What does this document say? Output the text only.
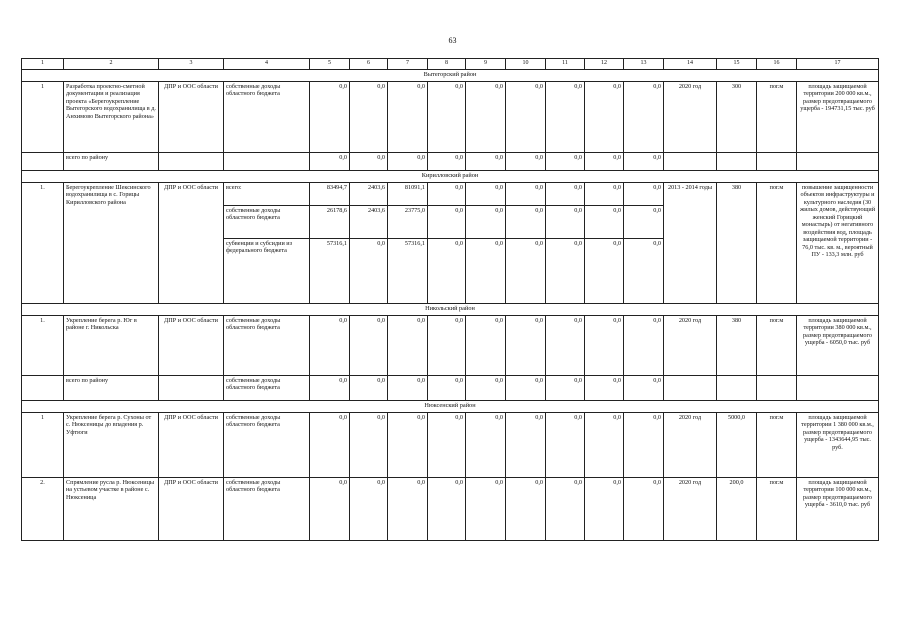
63
1	2	3	4	5	6	7	8	9	10	11	12	13	14	15	16	17
Вытегорский район																
1	Разработка проектно-сметной документации и реализация проекта «Берегоукрепление Вытегорского водохранилища в д. Анхимово Вытегорского района»	ДПР и ООС области	собственные доходы областного бюджета	0,0	0,0	0,0	0,0	0,0	0,0	0,0	0,0	0,0	2020 год	300	пог.м	площадь защищаемой территории 200 000 кв.м., размер предотвращаемого ущерба - 194731,15 тыс. руб
	всего по району			0,0	0,0	0,0	0,0	0,0	0,0	0,0	0,0	0,0				
Кирилловский район																
1.	Берегоукрепление Шексинского водохранилища в с. Горицы Кирилловского района	ДПР и ООС области	всего:	83494,7	2403,6	81091,1	0,0	0,0	0,0	0,0	0,0	0,0	2013 - 2014 годы	380	пог.м	повышение защищенности объектов инфраструктуры и культурного наследия (30 жилых домов, действующий женский Горицкий монастырь) от негативного воздействия вод, площадь защищаемой территории - 76,0 тыс. кв. м., вероятный ПУ - 133,3 млн. руб
			собственные доходы областного бюджета	26178,6	2403,6	23775,0	0,0	0,0	0,0	0,0	0,0	0,0				
			субвенции и субсидии из федерального бюджета	57316,1	0,0	57316,1	0,0	0,0	0,0	0,0	0,0	0,0				
Никольский район																
1.	Укрепление берега р. Юг в районе г. Никольска	ДПР и ООС области	собственные доходы областного бюджета	0,0	0,0	0,0	0,0	0,0	0,0	0,0	0,0	0,0	2020 год	380	пог.м	площадь защищаемой территории 380 000 кв.м., размер предотвращаемого ущерба - 6050,0 тыс. руб
	всего по району		собственные доходы областного бюджета	0,0	0,0	0,0	0,0	0,0	0,0	0,0	0,0	0,0				
Нюксенский район																
1	Укрепление берега р. Сухоны от с. Нюксеницы до впадения р. Уфтюги	ДПР и ООС области	собственные доходы областного бюджета	0,0	0,0	0,0	0,0	0,0	0,0	0,0	0,0	0,0	2020 год	5000,0	пог.м	площадь защищаемой территории 1 380 000 кв.м., размер предотвращаемого ущерба - 1343644,95 тыс. руб.
2.	Спрямление русла р. Нюксеницы на устьевом участке в районе с. Нюксеница	ДПР и ООС области	собственные доходы областного бюджета	0,0	0,0	0,0	0,0	0,0	0,0	0,0	0,0	0,0	2020 год	200,0	пог.м	площадь защищаемой территории 100 000 кв.м., размер предотвращаемого ущерба - 3610,0 тыс. руб
